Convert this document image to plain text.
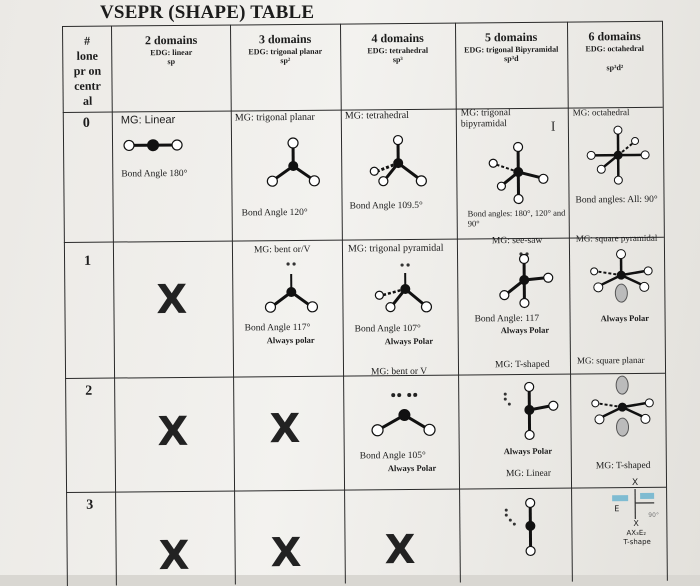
VSEPR (SHAPE) TABLE
#
lone
pr on
centr
al
2 domains
EDG: linear
sp
3 domains
EDG: trigonal planar
sp²
4 domains
EDG: tetrahedral
sp³
5 domains
EDG: trigonal Bipyramidal
sp³d
6 domains
EDG: octahedral
sp³d²
0
1
2
3
MG: Linear
Bond Angle 180°
MG: trigonal planar
Bond Angle 120°
MG: tetrahedral
Bond Angle 109.5°
MG: trigonal bipyramidal	I
Bond angles: 180°, 120° and 90°
MG: octahedral
Bond angles: All: 90°
X
MG: bent or/V
Bond Angle 117°
Always polar
MG: trigonal pyramidal
Bond Angle 107°
Always Polar
MG: see-saw
Bond Angle: 117
Always Polar
MG: square pyramidal
Always Polar
X X
MG: bent or V
Bond Angle 105°
Always Polar
MG: T-shaped
Always Polar
MG: square planar
X X X
MG: Linear
MG: T-shaped
X
E
90°
X
AX₃E₂
T-shape
